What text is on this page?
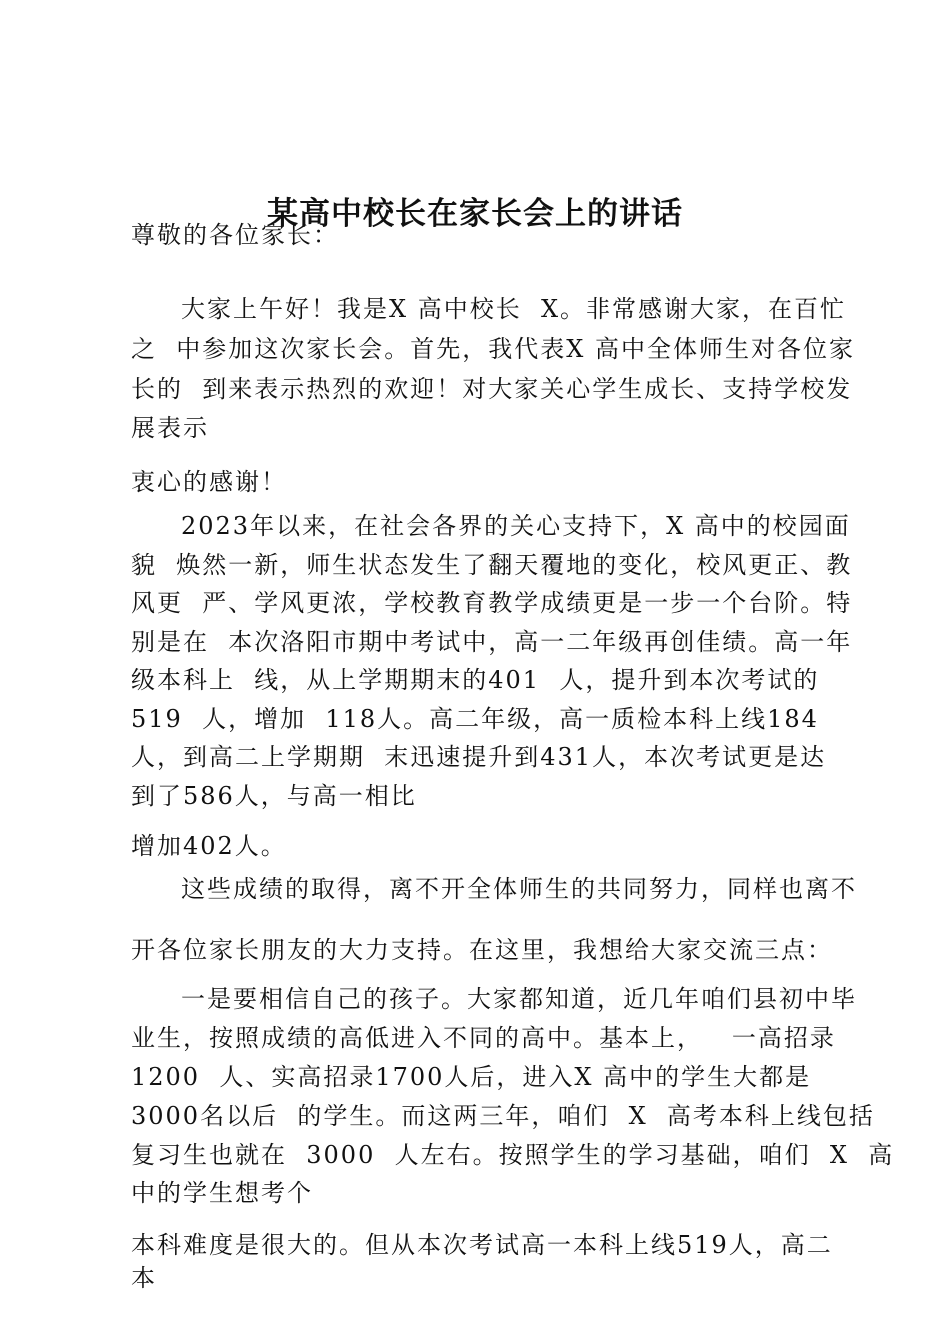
某高中校长在家长会上的讲话
尊敬的各位家长：
大家上午好！我是X 高中校长  X。非常感谢大家，在百忙
之  中参加这次家长会。首先，我代表X 高中全体师生对各位家
长的  到来表示热烈的欢迎！对大家关心学生成长、支持学校发
展表示
衷心的感谢！
2023年以来，在社会各界的关心支持下，X 高中的校园面
貌  焕然一新，师生状态发生了翻天覆地的变化，校风更正、教
风更  严、学风更浓，学校教育教学成绩更是一步一个台阶。特
别是在  本次洛阳市期中考试中，高一二年级再创佳绩。高一年
级本科上  线，从上学期期末的401  人，提升到本次考试的
519  人，增加  118人。高二年级，高一质检本科上线184
人，到高二上学期期  末迅速提升到431人，本次考试更是达
到了586人，与高一相比
增加402人。
这些成绩的取得，离不开全体师生的共同努力，同样也离不
开各位家长朋友的大力支持。在这里，我想给大家交流三点：
一是要相信自己的孩子。大家都知道，近几年咱们县初中毕
业生，按照成绩的高低进入不同的高中。基本上，   一高招录
1200  人、实高招录1700人后，进入X 高中的学生大都是
3000名以后  的学生。而这两三年，咱们  X  高考本科上线包括
复习生也就在  3000  人左右。按照学生的学习基础，咱们  X  高
中的学生想考个
本科难度是很大的。但从本次考试高一本科上线519人，高二
本
